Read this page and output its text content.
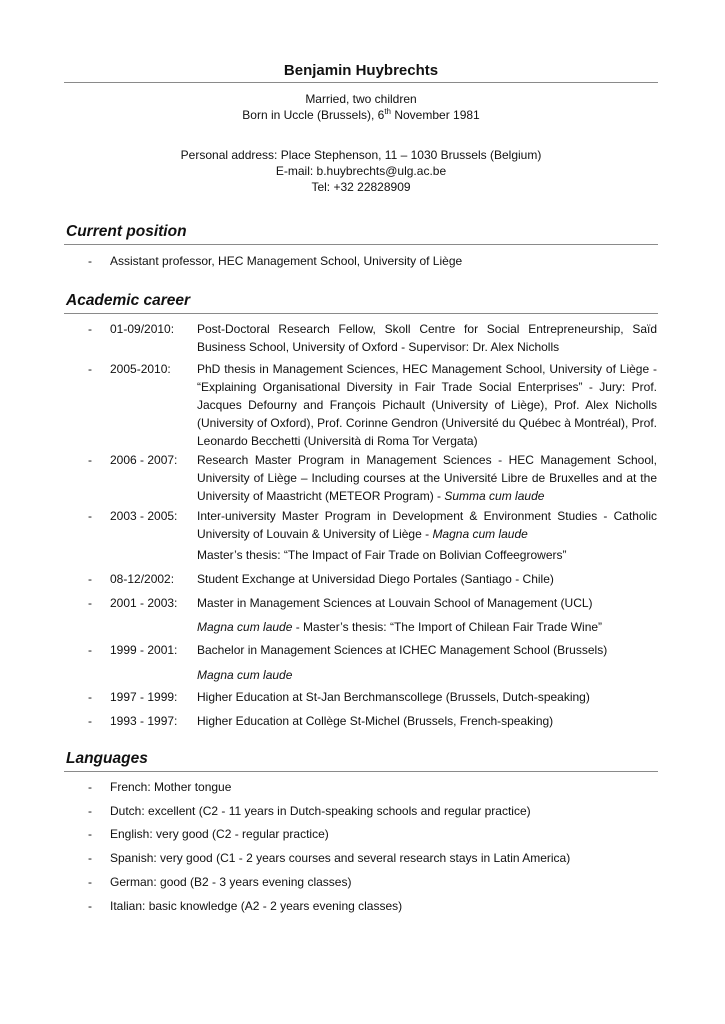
Benjamin Huybrechts
Married, two children
Born in Uccle (Brussels), 6th November 1981
Personal address: Place Stephenson, 11 – 1030 Brussels (Belgium)
E-mail: b.huybrechts@ulg.ac.be
Tel: +32 22828909
Current position
- Assistant professor, HEC Management School, University of Liège
Academic career
- 01-09/2010: Post-Doctoral Research Fellow, Skoll Centre for Social Entrepreneurship, Saïd Business School, University of Oxford - Supervisor: Dr. Alex Nicholls
- 2005-2010: PhD thesis in Management Sciences, HEC Management School, University of Liège - “Explaining Organisational Diversity in Fair Trade Social Enterprises” - Jury: Prof. Jacques Defourny and François Pichault (University of Liège), Prof. Alex Nicholls (University of Oxford), Prof. Corinne Gendron (Université du Québec à Montréal), Prof. Leonardo Becchetti (Università di Roma Tor Vergata)
- 2006 - 2007: Research Master Program in Management Sciences - HEC Management School, University of Liège – Including courses at the Université Libre de Bruxelles and at the University of Maastricht (METEOR Program) - Summa cum laude
- 2003 - 2005: Inter-university Master Program in Development & Environment Studies - Catholic University of Louvain & University of Liège - Magna cum laude
Master’s thesis: “The Impact of Fair Trade on Bolivian Coffeegrowers”
- 08-12/2002: Student Exchange at Universidad Diego Portales (Santiago - Chile)
- 2001 - 2003: Master in Management Sciences at Louvain School of Management (UCL)
Magna cum laude - Master’s thesis: “The Import of Chilean Fair Trade Wine”
- 1999 - 2001: Bachelor in Management Sciences at ICHEC Management School (Brussels)
Magna cum laude
- 1997 - 1999: Higher Education at St-Jan Berchmanscollege (Brussels, Dutch-speaking)
- 1993 - 1997: Higher Education at Collège St-Michel (Brussels, French-speaking)
Languages
- French: Mother tongue
- Dutch: excellent (C2 - 11 years in Dutch-speaking schools and regular practice)
- English: very good (C2 - regular practice)
- Spanish: very good (C1 - 2 years courses and several research stays in Latin America)
- German: good (B2 - 3 years evening classes)
- Italian: basic knowledge (A2 - 2 years evening classes)
